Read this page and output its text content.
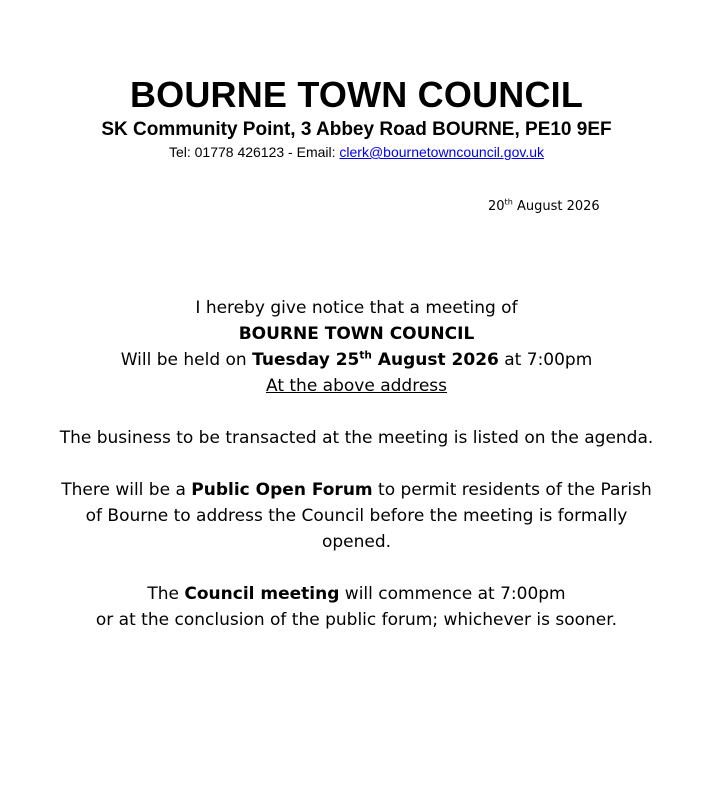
BOURNE TOWN COUNCIL
SK Community Point, 3 Abbey Road BOURNE, PE10 9EF
Tel: 01778 426123 - Email: clerk@bournetowncouncil.gov.uk
20th August 2026
I hereby give notice that a meeting of
BOURNE TOWN COUNCIL
Will be held on Tuesday 25th August 2026 at 7:00pm
At the above address
The business to be transacted at the meeting is listed on the agenda.
There will be a Public Open Forum to permit residents of the Parish
of Bourne to address the Council before the meeting is formally
opened.
The Council meeting will commence at 7:00pm
or at the conclusion of the public forum; whichever is sooner.
